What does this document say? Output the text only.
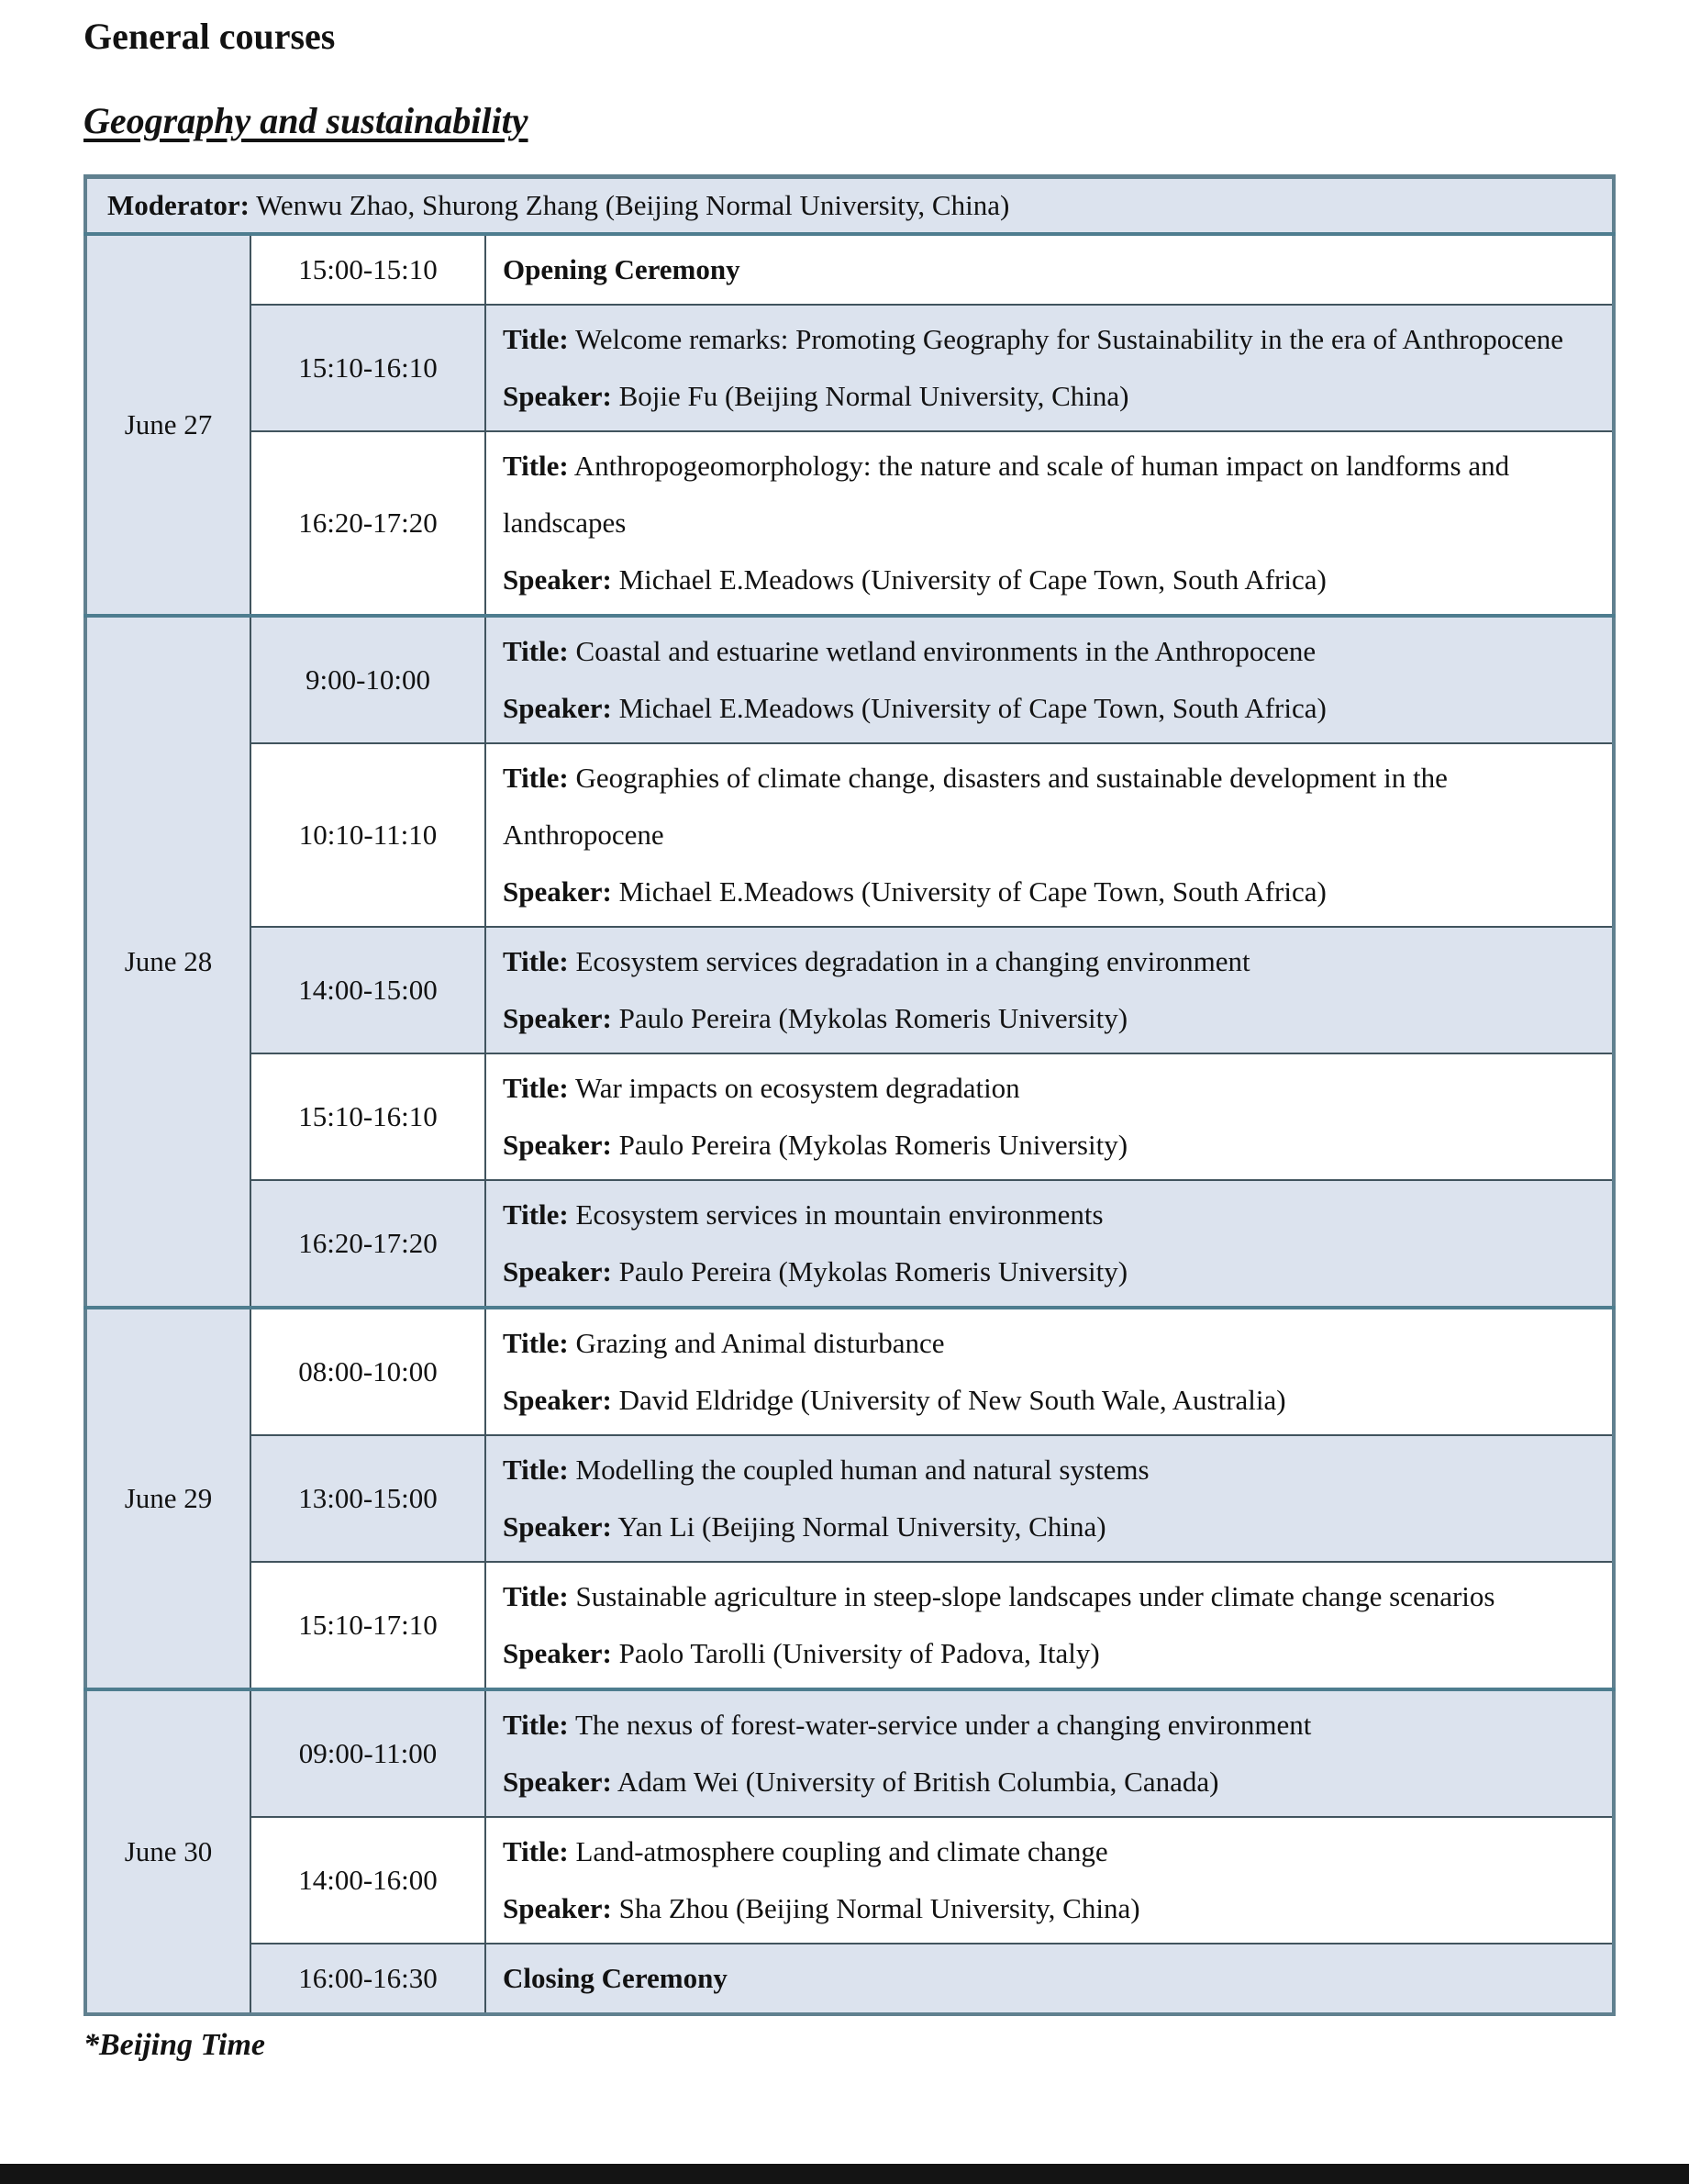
General courses
Geography and sustainability
Moderator: Wenwu Zhao, Shurong Zhang (Beijing Normal University, China)		
June 27	15:00-15:10	Opening Ceremony

	15:10-16:10	Title: Welcome remarks: Promoting Geography for Sustainability in the era of Anthropocene

Speaker: Bojie Fu (Beijing Normal University, China)

	16:20-17:20	Title: Anthropogeomorphology: the nature and scale of human impact on landforms and landscapes

Speaker: Michael E.Meadows (University of Cape Town, South Africa)

June 28	9:00-10:00	Title: Coastal and estuarine wetland environments in the Anthropocene

Speaker: Michael E.Meadows (University of Cape Town, South Africa)

	10:10-11:10	Title: Geographies of climate change, disasters and sustainable development in the Anthropocene

Speaker: Michael E.Meadows (University of Cape Town, South Africa)

	14:00-15:00	Title: Ecosystem services degradation in a changing environment

Speaker: Paulo Pereira (Mykolas Romeris University)

	15:10-16:10	Title: War impacts on ecosystem degradation

Speaker: Paulo Pereira (Mykolas Romeris University)

	16:20-17:20	Title: Ecosystem services in mountain environments

Speaker: Paulo Pereira (Mykolas Romeris University)

June 29	08:00-10:00	Title: Grazing and Animal disturbance

Speaker: David Eldridge (University of New South Wale, Australia)

	13:00-15:00	Title: Modelling the coupled human and natural systems

Speaker: Yan Li (Beijing Normal University, China)

	15:10-17:10	Title: Sustainable agriculture in steep-slope landscapes under climate change scenarios

Speaker: Paolo Tarolli (University of Padova, Italy)

June 30	09:00-11:00	Title: The nexus of forest-water-service under a changing environment

Speaker: Adam Wei (University of British Columbia, Canada)

	14:00-16:00	Title: Land-atmosphere coupling and climate change

Speaker: Sha Zhou (Beijing Normal University, China)

	16:00-16:30	Closing Ceremony

*Beijing Time
